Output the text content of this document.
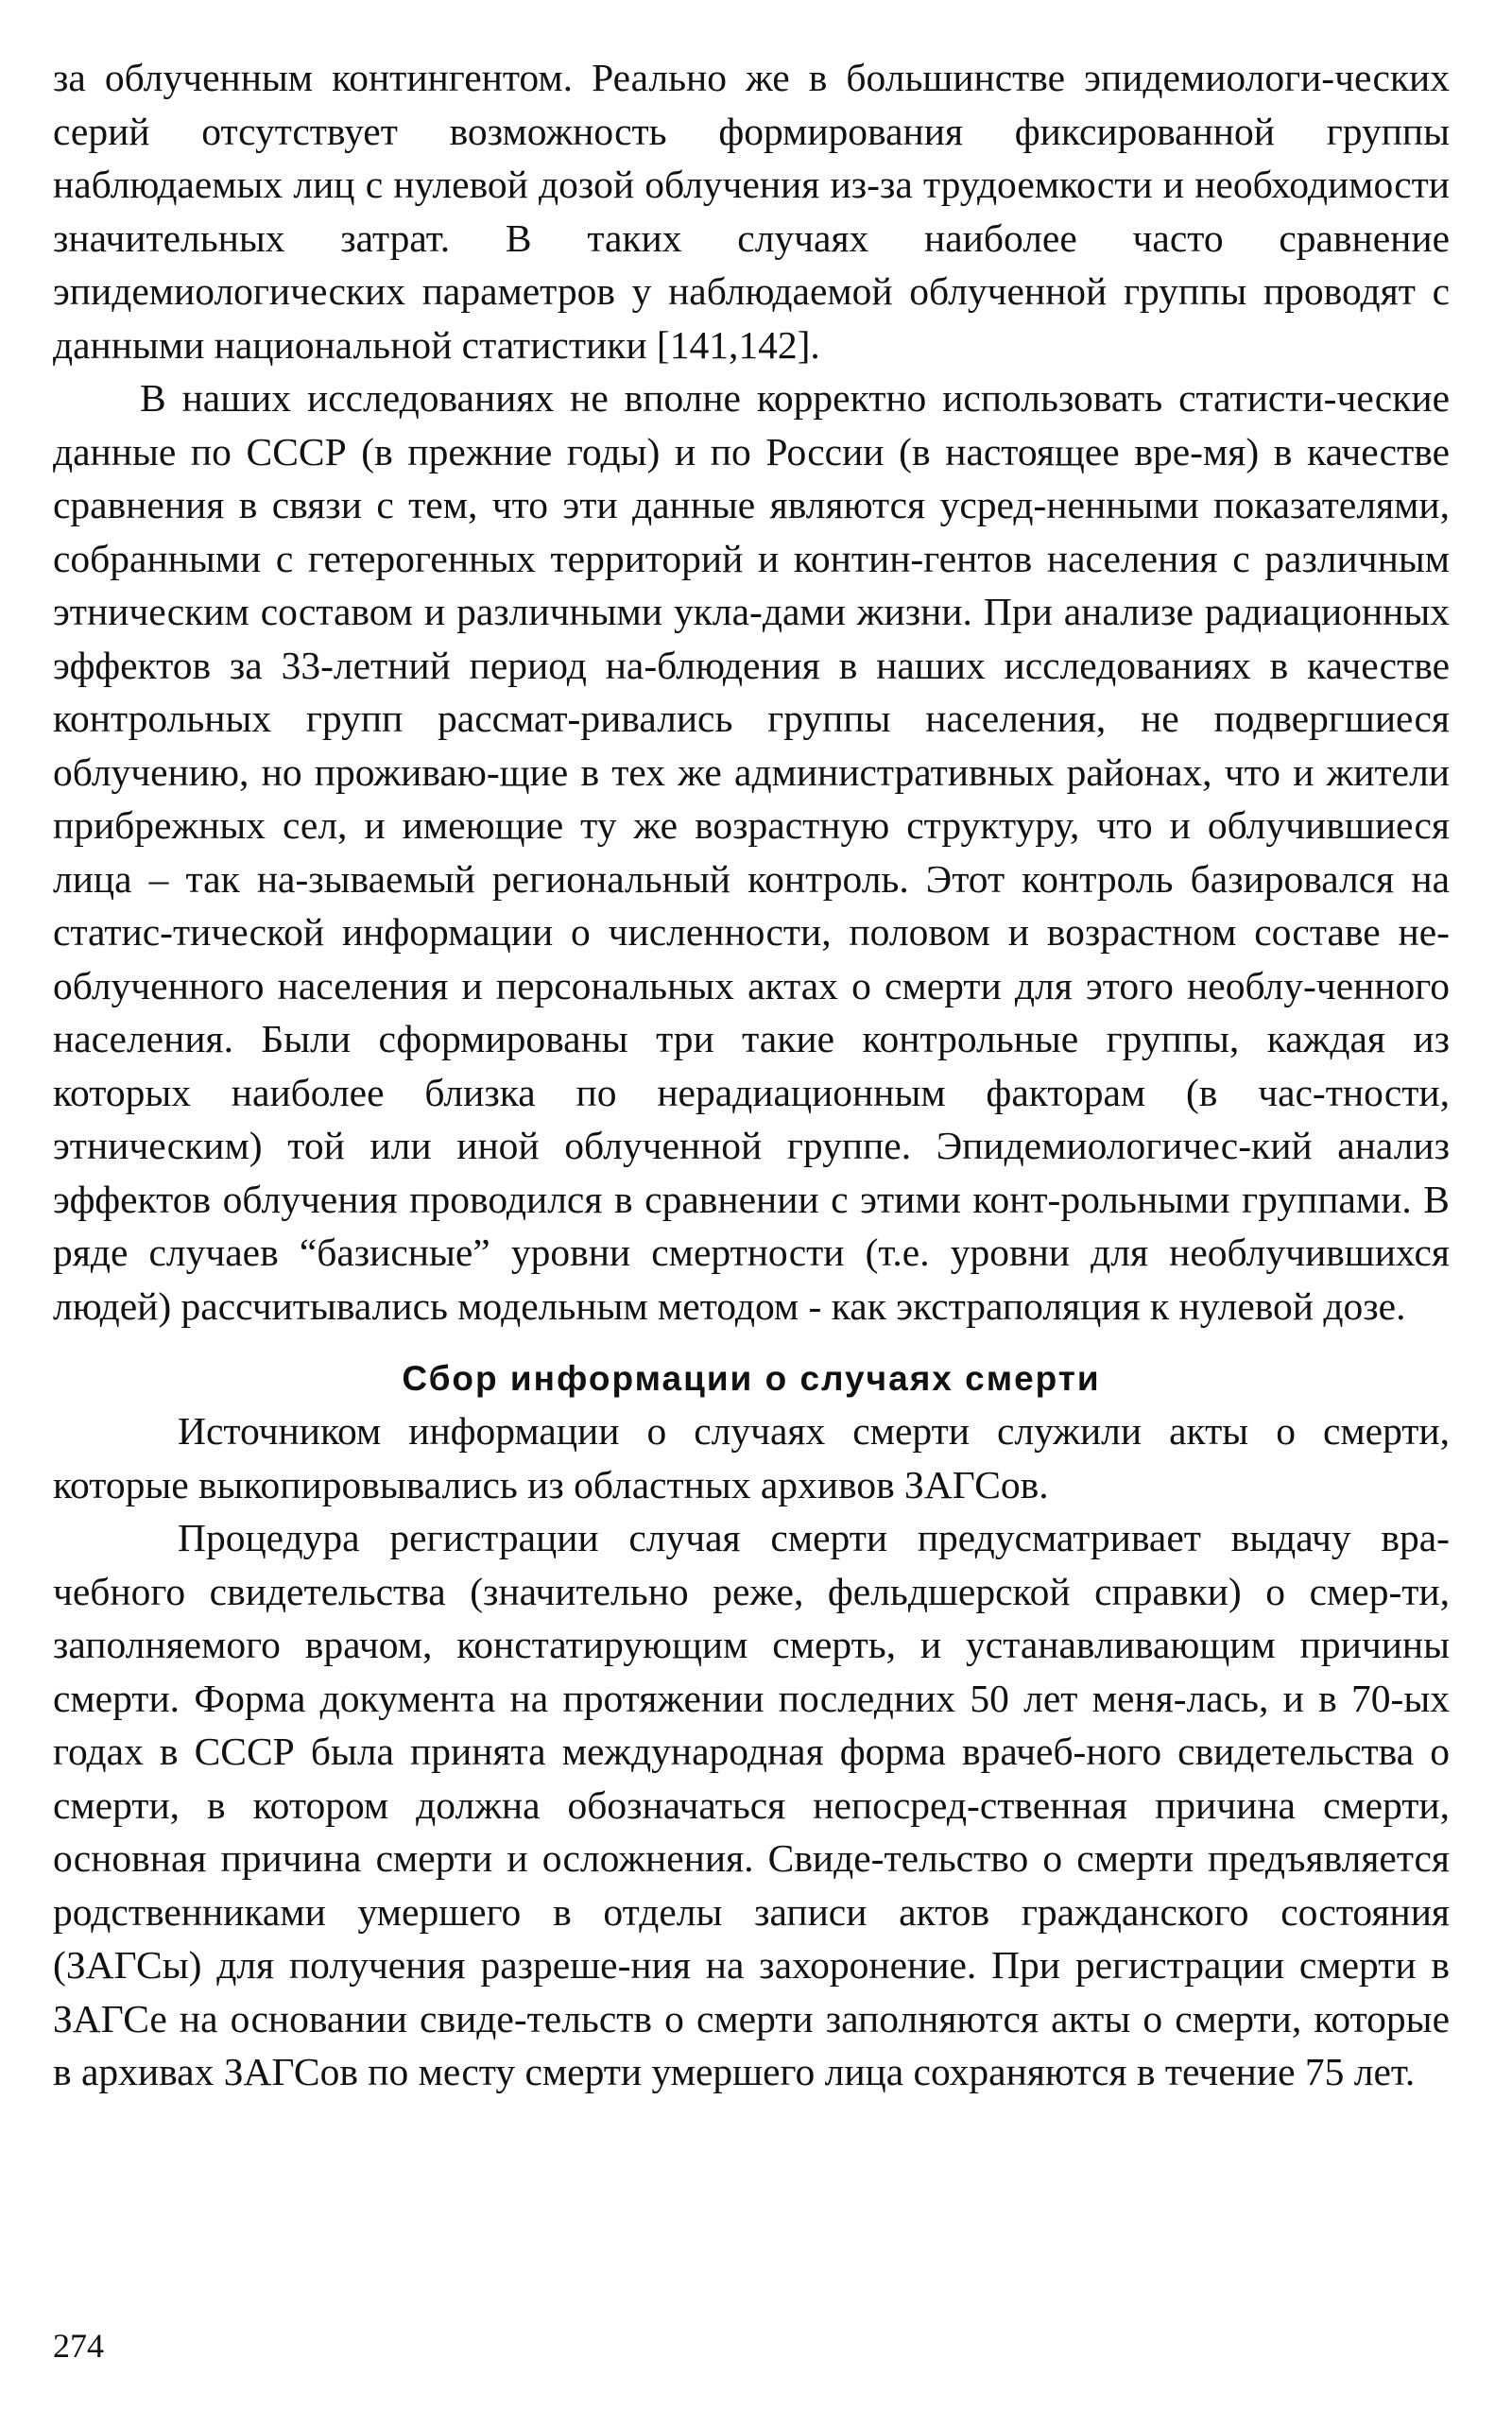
за облученным контингентом. Реально же в большинстве эпидемиологи-ческих серий отсутствует возможность формирования фиксированной группы наблюдаемых лиц с нулевой дозой облучения из-за трудоемкости и необходимости значительных затрат. В таких случаях наиболее часто сравнение эпидемиологических параметров у наблюдаемой облученной группы проводят с данными национальной статистики [141,142].

В наших исследованиях не вполне корректно использовать статисти-ческие данные по СССР (в прежние годы) и по России (в настоящее вре-мя) в качестве сравнения в связи с тем, что эти данные являются усред-ненными показателями, собранными с гетерогенных территорий и контин-гентов населения с различным этническим составом и различными укла-дами жизни. При анализе радиационных эффектов за 33-летний период на-блюдения в наших исследованиях в качестве контрольных групп рассмат-ривались группы населения, не подвергшиеся облучению, но проживаю-щие в тех же административных районах, что и жители прибрежных сел, и имеющие ту же возрастную структуру, что и облучившиеся лица – так на-зываемый региональный контроль. Этот контроль базировался на статис-тической информации о численности, половом и возрастном составе не-облученного населения и персональных актах о смерти для этого необлу-ченного населения. Были сформированы три такие контрольные группы, каждая из которых наиболее близка по нерадиационным факторам (в час-тности, этническим) той или иной облученной группе. Эпидемиологичес-кий анализ эффектов облучения проводился в сравнении с этими конт-рольными группами. В ряде случаев “базисные” уровни смертности (т.е. уровни для необлучившихся людей) рассчитывались модельным методом - как экстраполяция к нулевой дозе.

Сбор информации о случаях смерти

Источником информации о случаях смерти служили акты о смерти, которые выкопировывались из областных архивов ЗАГСов.

Процедура регистрации случая смерти предусматривает выдачу вра-чебного свидетельства (значительно реже, фельдшерской справки) о смер-ти, заполняемого врачом, констатирующим смерть, и устанавливающим причины смерти. Форма документа на протяжении последних 50 лет меня-лась, и в 70-ых годах в СССР была принята международная форма врачеб-ного свидетельства о смерти, в котором должна обозначаться непосред-ственная причина смерти, основная причина смерти и осложнения. Свиде-тельство о смерти предъявляется родственниками умершего в отделы записи актов гражданского состояния (ЗАГСы) для получения разреше-ния на захоронение. При регистрации смерти в ЗАГСе на основании свиде-тельств о смерти заполняются акты о смерти, которые в архивах ЗАГСов по месту смерти умершего лица сохраняются в течение 75 лет.

274
